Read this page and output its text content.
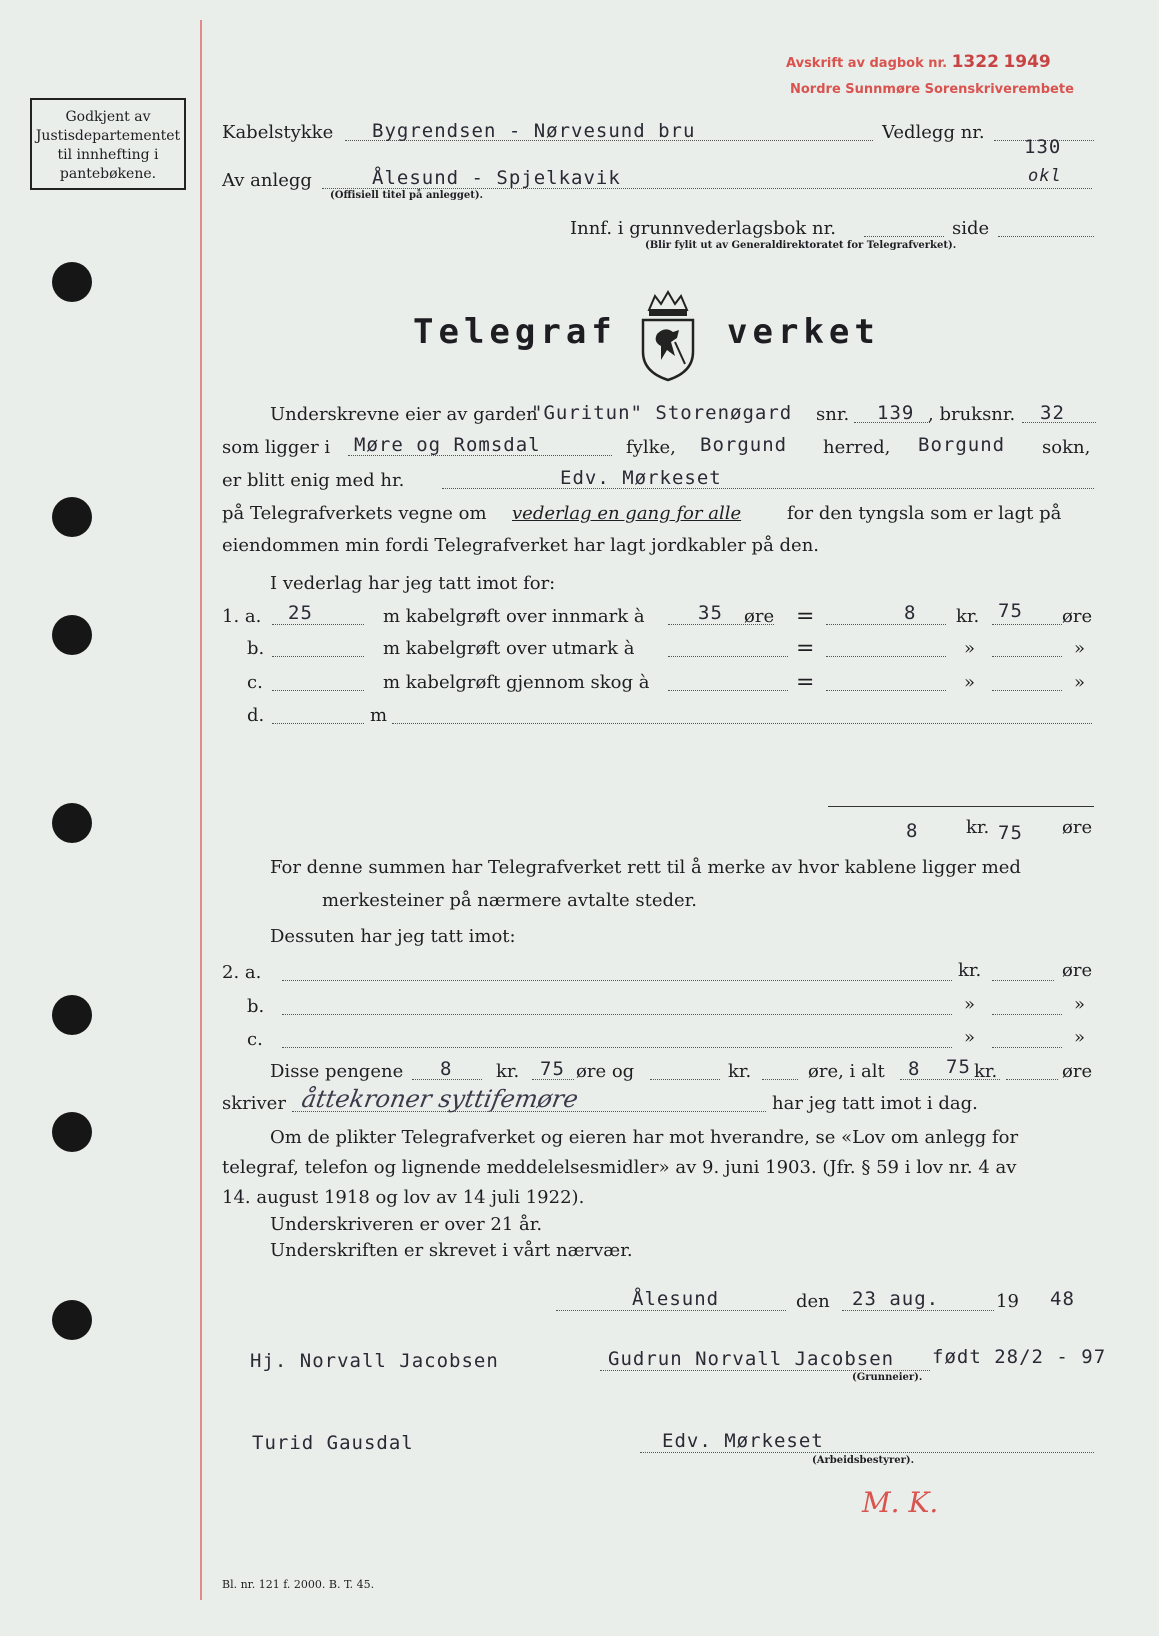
Avskrift av dagbok nr. 1322 1949
Nordre Sunnmøre Sorenskriverembete
Godkjent av
Justisdepartementet
til innhefting i
pantebøkene.
Kabelstykke Bygrendsen - Nørvesund bru	Vedlegg nr.
130
okl
Av anlegg	Ålesund - Spjelkavik
(Offisiell titel på anlegget).
Innf. i grunnvederlagsbok nr.	side
(Blir fylit ut av Generaldirektoratet for Telegrafverket).
Telegraf	verket
Underskrevne eier av garden
"Guritun" Storenøgard snr. 139 , bruksnr. 32
som ligger i Møre og Romsdal	fylke, Borgund herred, Borgund sokn,
er blitt enig med hr.	Edv. Mørkeset
på Telegrafverkets vegne om vederlag en gang for alle	for den tyngsla som er lagt på
eiendommen min fordi Telegrafverket har lagt jordkabler på den.
I vederlag har jeg tatt imot for:
1. a. 25	m kabelgrøft over innmark à	35 øre =	8 kr. 75 øre
b.	m kabelgrøft over utmark à	=	»	»
c.	m kabelgrøft gjennom skog à	=	»	»
d.	m
8	kr. 75 øre
For denne summen har Telegrafverket rett til å merke av hvor kablene ligger med
merkesteiner på nærmere avtalte steder.
Dessuten har jeg tatt imot:
2. a.	kr.	øre
b.	»	»
c.	»	»
Disse pengene 8 kr. 75 øre og	kr.	øre, i alt 8 75 kr.	øre
skriver åttekroner syttifemøre	har jeg tatt imot i dag.
Om de plikter Telegrafverket og eieren har mot hverandre, se «Lov om anlegg for
telegraf, telefon og lignende meddelelsesmidler» av 9. juni 1903. (Jfr. § 59 i lov nr. 4 av
14. august 1918 og lov av 14 juli 1922).
Underskriveren er over 21 år.
Underskriften er skrevet i vårt nærvær.
Ålesund	den 23 aug.	19 48
Hj. Norvall Jacobsen	Gudrun Norvall Jacobsen født 28/2 - 97
(Grunneier).
Turid Gausdal	Edv. Mørkeset
(Arbeidsbestyrer).
M. K.
Bl. nr. 121 f. 2000. B. T. 45.
